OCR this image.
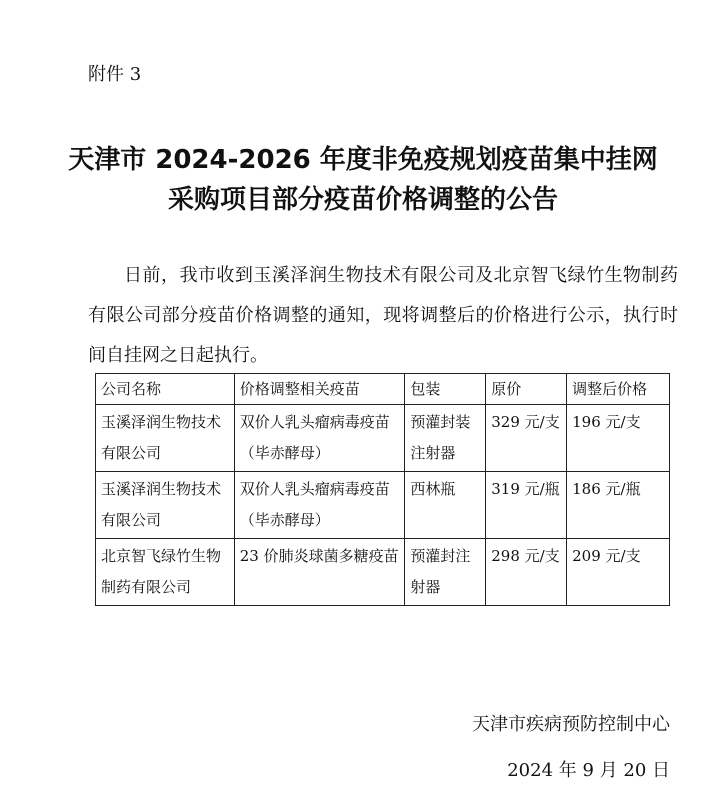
附件 3
天津市 2024-2026 年度非免疫规划疫苗集中挂网
采购项目部分疫苗价格调整的公告
日前，我市收到玉溪泽润生物技术有限公司及北京智飞绿竹生物制药有限公司部分疫苗价格调整的通知，现将调整后的价格进行公示，执行时间自挂网之日起执行。
公司名称	价格调整相关疫苗	包装	原价	调整后价格
玉溪泽润生物技术有限公司	双价人乳头瘤病毒疫苗（毕赤酵母）	预灌封装注射器	329 元/支	196 元/支
玉溪泽润生物技术有限公司	双价人乳头瘤病毒疫苗（毕赤酵母）	西林瓶	319 元/瓶	186 元/瓶
北京智飞绿竹生物制药有限公司	23 价肺炎球菌多糖疫苗	预灌封注射器	298 元/支	209 元/支
天津市疾病预防控制中心
2024 年 9 月 20 日
